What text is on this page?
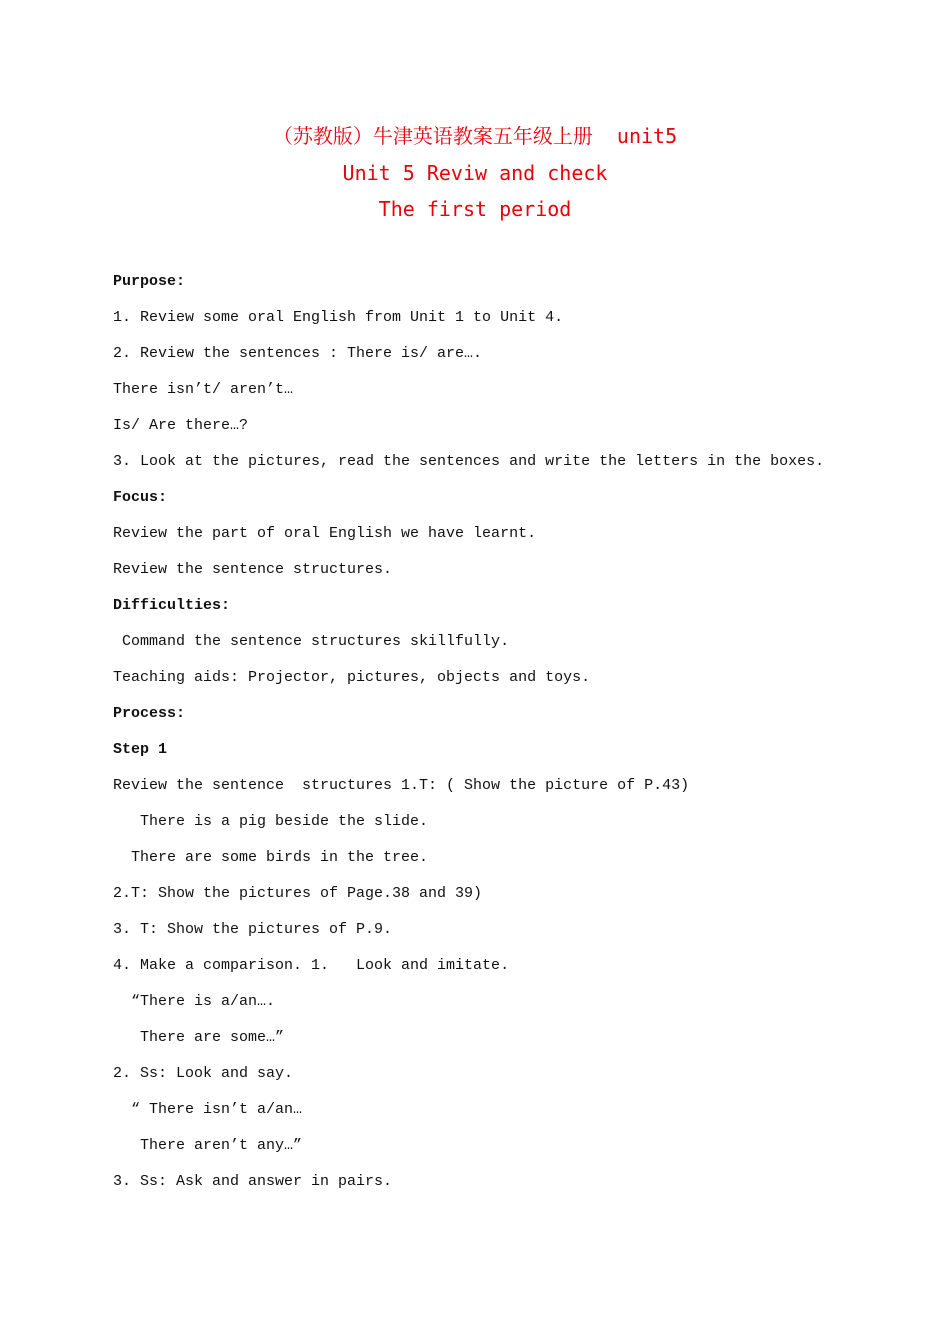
（苏教版）牛津英语教案五年级上册  unit5
Unit 5 Reviw and check
The first period
Purpose:
1. Review some oral English from Unit 1 to Unit 4.
2. Review the sentences : There is/ are….
There isn’t/ aren’t…
Is/ Are there…?
3. Look at the pictures, read the sentences and write the letters in the boxes.
Focus:
Review the part of oral English we have learnt.
Review the sentence structures.
Difficulties:
Command the sentence structures skillfully.
Teaching aids: Projector, pictures, objects and toys.
Process:
Step 1
Review the sentence  structures 1.T: ( Show the picture of P.43)
There is a pig beside the slide.
There are some birds in the tree.
2.T: Show the pictures of Page.38 and 39)
3. T: Show the pictures of P.9.
4. Make a comparison. 1.   Look and imitate.
“There is a/an….
There are some…”
2. Ss: Look and say.
“ There isn’t a/an…
There aren’t any…”
3. Ss: Ask and answer in pairs.
